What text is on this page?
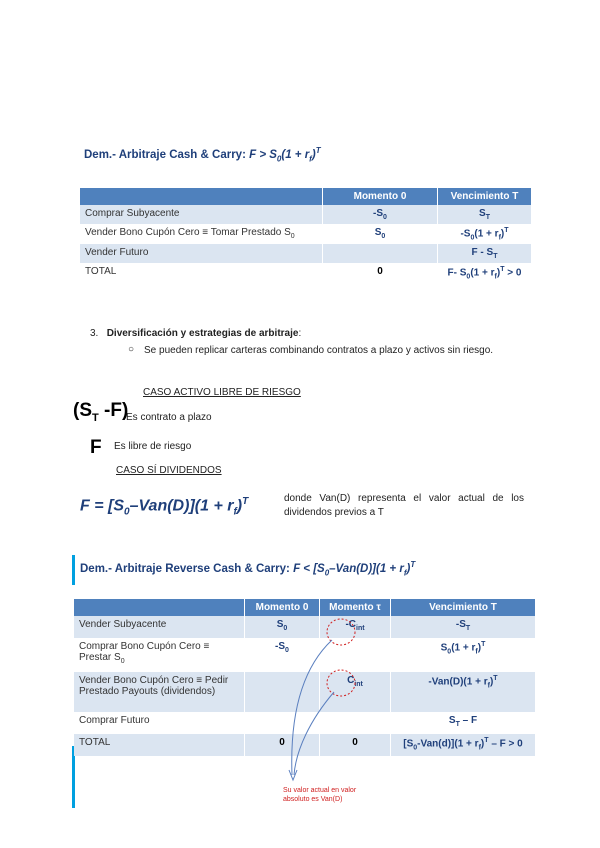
Dem.- Arbitraje Cash & Carry: $F > S_0(1 + r_f)^T$
	Momento 0	Vencimiento T
Comprar Subyacente	$-S_0$	$S_T$
Vender Bono Cupón Cero ≡ Tomar Prestado $S_0$	$S_0$	$-S_0(1 + r_f)^T$
Vender Futuro		F - $S_T$
TOTAL	0	F- $S_0(1 + r_f)^T > 0$
3. Diversificación y estrategias de arbitraje:
○ Se pueden replicar carteras combinando contratos a plazo y activos sin riesgo.
CASO ACTIVO LIBRE DE RIESGO
($S_T$ -F)
Es contrato a plazo
F Es libre de riesgo
CASO SÍ DIVIDENDOS
$F = [S_0-Van(D)](1 + r_f)^T$	donde Van(D) representa el valor actual de los dividendos previos a T
Dem.- Arbitraje Reverse Cash & Carry: $F < [S_0-Van(D)](1 + r_f)^T$
	Momento 0	Momento τ	Vencimiento T
Vender Subyacente	$S_0$	$-C_{int}$	$-S_T$
Comprar Bono Cupón Cero ≡
Prestar $S_0$	$-S_0$		$S_0(1 + r_f)^T$
Vender Bono Cupón Cero ≡ Pedir Prestado Payouts (dividendos)		$C_{int}$	$-Van(D)(1 + r_f)^T$
Comprar Futuro			$S_T$ – F
TOTAL	0	0	$[S_0-Van(d)](1 + r_f)^T - F > 0$
Su valor actual en valor absoluto es Van(D)
